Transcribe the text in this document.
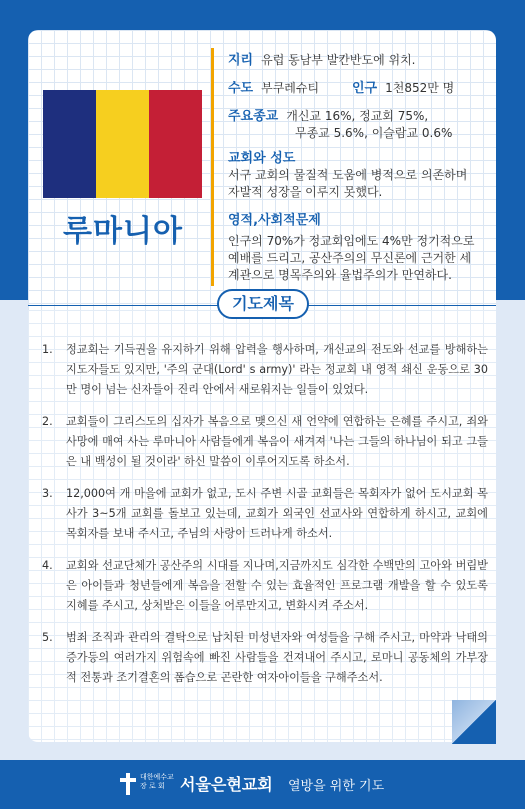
루마니아
지리 유럽 동남부 발칸반도에 위치.
수도 부쿠레슈티	인구 1천852만 명
주요종교 개신교 16%, 정교회 75%,
무종교 5.6%, 이슬람교 0.6%
교회와 성도
서구 교회의 물질적 도움에 병적으로 의존하며
자발적 성장을 이루지 못했다.
영적,사회적문제
인구의 70%가 정교회임에도 4%만 정기적으로
예배를 드리고, 공산주의의 무신론에 근거한 세
계관으로 명목주의와 율법주의가 만연하다.
기도제목
1.	정교회는 기득권을 유지하기 위해 압력을 행사하며, 개신교의 전도와 선교를 방해하는 지도자들도 있지만, '주의 군대(Lord' s army)' 라는 정교회 내 영적 쇄신 운동으로 30만 명이 넘는 신자들이 진리 안에서 새로워지는 일들이 있었다.
2.	교회들이 그리스도의 십자가 복음으로 맺으신 새 언약에 연합하는 은혜를 주시고, 죄와 사망에 매여 사는 루마니아 사람들에게 복음이 새겨져 '나는 그들의 하나님이 되고 그들은 내 백성이 될 것이라' 하신 말씀이 이루어지도록 하소서.
3.	12,000여 개 마을에 교회가 없고, 도시 주변 시골 교회들은 목회자가 없어 도시교회 목사가 3~5개 교회를 돌보고 있는데, 교회가 외국인 선교사와 연합하게 하시고, 교회에 목회자를 보내 주시고, 주님의 사랑이 드러나게 하소서.
4.	교회와 선교단체가 공산주의 시대를 지나며,지금까지도 심각한 수백만의 고아와 버림받은 아이들과 청년들에게 복음을 전할 수 있는 효율적인 프로그램 개발을 할 수 있도록 지혜를 주시고, 상처받은 이들을 어루만지고, 변화시켜 주소서.
5.	범죄 조직과 관리의 결탁으로 납치된 미성년자와 여성들을 구해 주시고, 마약과 낙태의 증가등의 여러가지 위험속에 빠진 사람들을 건져내어 주시고, 로마니 공동체의 가부장적 전통과 조기결혼의 폼습으로 곤란한 여자아이들을 구해주소서.
대한예수교
장 로 회 서울은현교회 열방을 위한 기도
